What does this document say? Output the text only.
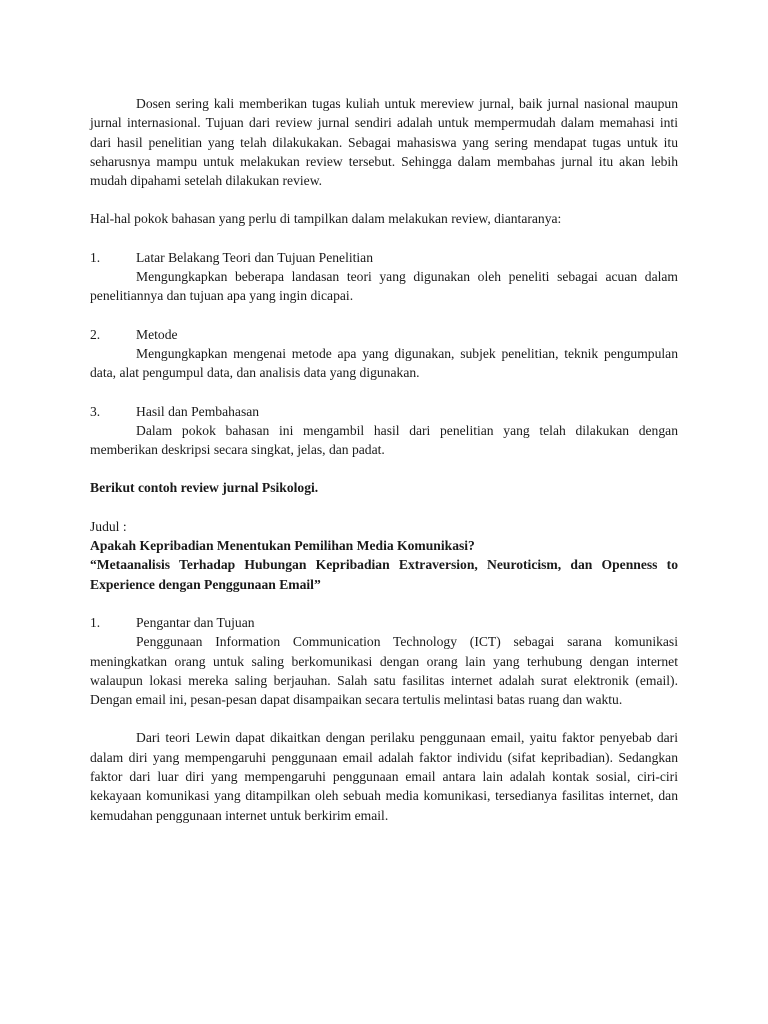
Dosen sering kali memberikan tugas kuliah untuk mereview jurnal, baik jurnal nasional maupun jurnal internasional. Tujuan dari review jurnal sendiri adalah untuk mempermudah dalam memahasi inti dari hasil penelitian yang telah dilakukakan. Sebagai mahasiswa yang sering mendapat tugas untuk itu seharusnya mampu untuk melakukan review tersebut. Sehingga dalam membahas jurnal itu akan lebih mudah dipahami setelah dilakukan review.

Hal-hal pokok bahasan yang perlu di tampilkan dalam melakukan review, diantaranya:

1.	Latar Belakang Teori dan Tujuan Penelitian

Mengungkapkan beberapa landasan teori yang digunakan oleh peneliti sebagai acuan dalam penelitiannya dan tujuan apa yang ingin dicapai.

2.	Metode

Mengungkapkan mengenai metode apa yang digunakan, subjek penelitian, teknik pengumpulan data, alat pengumpul data, dan analisis data yang digunakan.

3.	Hasil dan Pembahasan

Dalam pokok bahasan ini mengambil hasil dari penelitian yang telah dilakukan dengan memberikan deskripsi secara singkat, jelas, dan padat.

Berikut contoh review jurnal Psikologi.

Judul :

Apakah Kepribadian Menentukan Pemilihan Media Komunikasi?

“Metaanalisis Terhadap Hubungan Kepribadian Extraversion, Neuroticism, dan Openness to Experience dengan Penggunaan Email”

1.	Pengantar dan Tujuan

Penggunaan Information Communication Technology (ICT) sebagai sarana komunikasi meningkatkan orang untuk saling berkomunikasi dengan orang lain yang terhubung dengan internet walaupun lokasi mereka saling berjauhan. Salah satu fasilitas internet adalah surat elektronik (email). Dengan email ini, pesan-pesan dapat disampaikan secara tertulis melintasi batas ruang dan waktu.

Dari teori Lewin dapat dikaitkan dengan perilaku penggunaan email, yaitu faktor penyebab dari dalam diri yang mempengaruhi penggunaan email adalah faktor individu (sifat kepribadian). Sedangkan faktor dari luar diri yang mempengaruhi penggunaan email antara lain adalah kontak sosial, ciri-ciri kekayaan komunikasi yang ditampilkan oleh sebuah media komunikasi, tersedianya fasilitas internet, dan kemudahan penggunaan internet untuk berkirim email.
